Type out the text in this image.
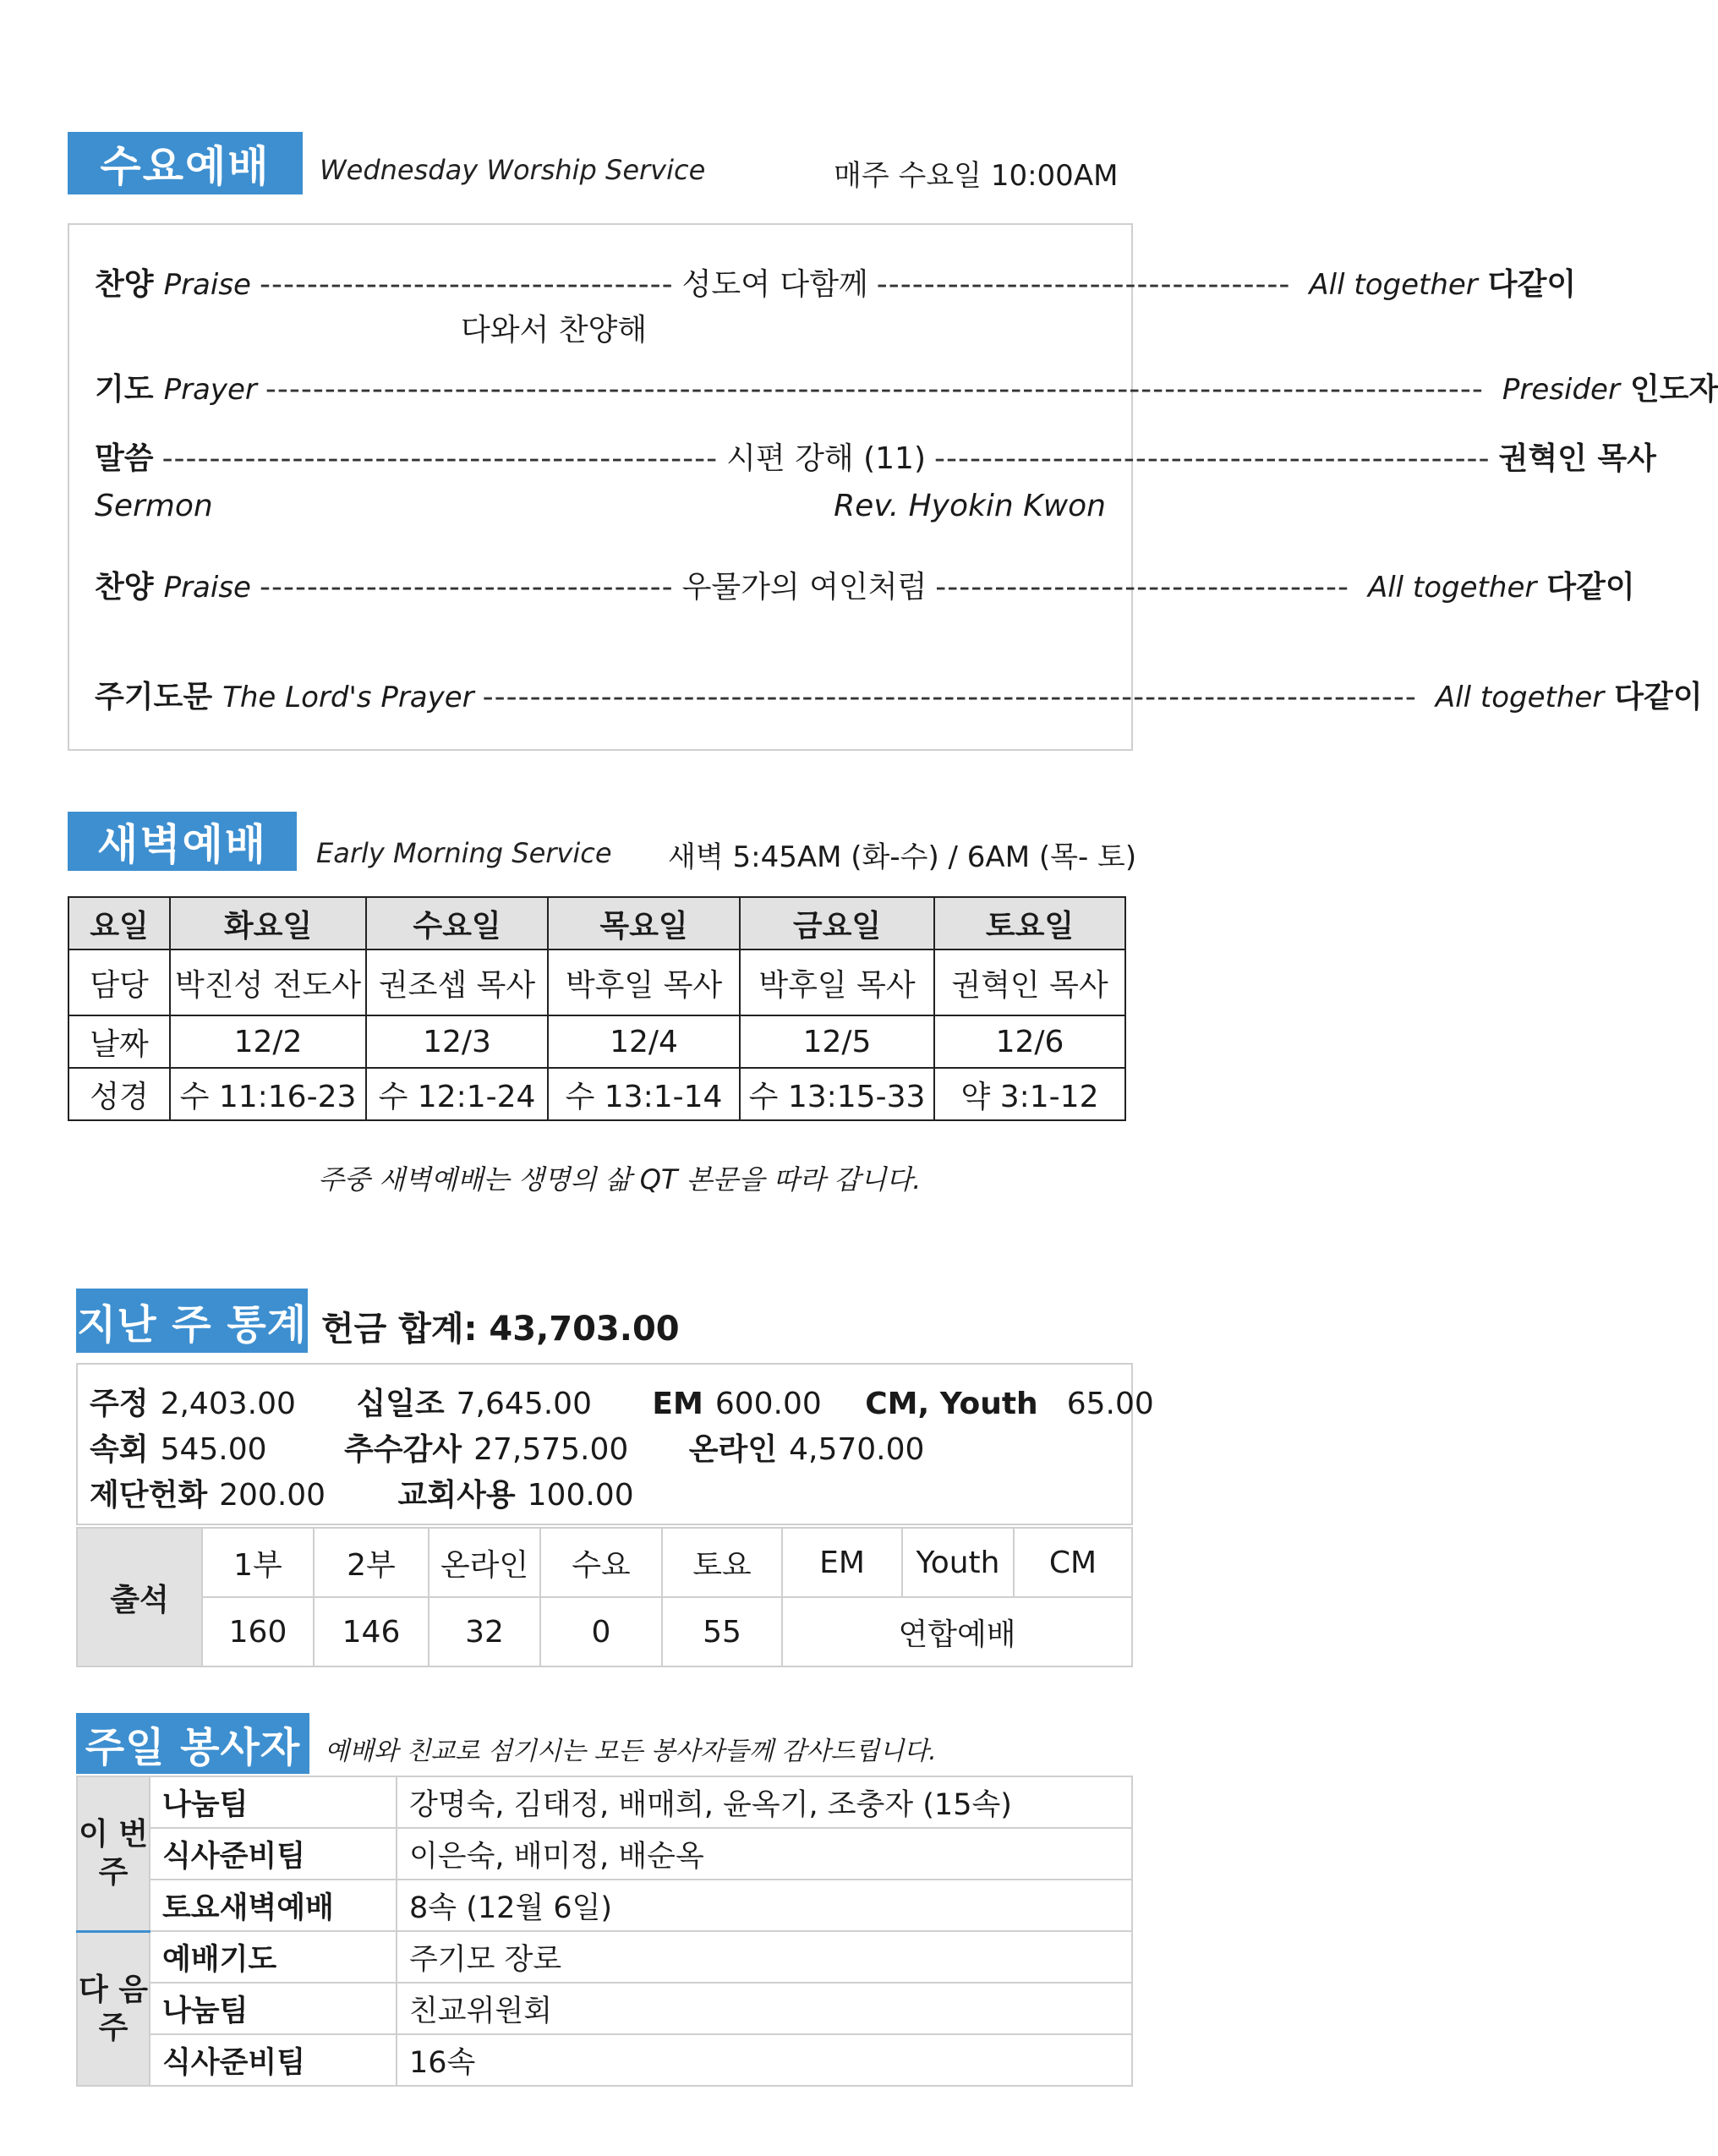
수요예배	Wednesday Worship Service	매주 수요일 10:00AM
찬양 Praise ----------------------------------- 성도여 다함께 ----------------------------------- All together 다같이
다와서 찬양해
기도 Prayer ------------------------------------------------------------------------------------------------------- Presider 인도자
말씀 ----------------------------------------------- 시편 강해 (11) ----------------------------------------------- 권혁인 목사
Sermon	Rev. Hyokin Kwon
찬양 Praise ----------------------------------- 우물가의 여인처럼 ----------------------------------- All together 다같이
주기도문 The Lord's Prayer ------------------------------------------------------------------------------- All together 다같이
새벽예배	Early Morning Service 새벽 5:45AM (화-수) / 6AM (목- 토)
요일	화요일	수요일	목요일	금요일	토요일
담당	박진성 전도사	권조셉 목사	박후일 목사	박후일 목사	권혁인 목사
날짜	12/2	12/3	12/4	12/5	12/6
성경	수 11:16-23	수 12:1-24	수 13:1-14	수 13:15-33	약 3:1-12
주중 새벽예배는 생명의 삶 QT 본문을 따라 갑니다.
지난 주 통계 헌금 합계: 43,703.00
주정 2,403.00 십일조 7,645.00 EM 600.00 CM, Youth 65.00
속회 545.00	추수감사 27,575.00 온라인 4,570.00
제단헌화 200.00 교회사용 100.00
출석	1부	2부	온라인	수요	토요	EM	Youth	CM
	160	146	32	0	55	연합예배		
주일 봉사자 예배와 친교로 섬기시는 모든 봉사자들께 감사드립니다.
이 번 주	나눔팀	강명숙, 김태정, 배매희, 윤옥기, 조충자 (15속)
	식사준비팀	이은숙, 배미정, 배순옥
	토요새벽예배	8속 (12월 6일)
다 음 주	예배기도	주기모 장로
	나눔팀	친교위원회
	식사준비팀	16속
